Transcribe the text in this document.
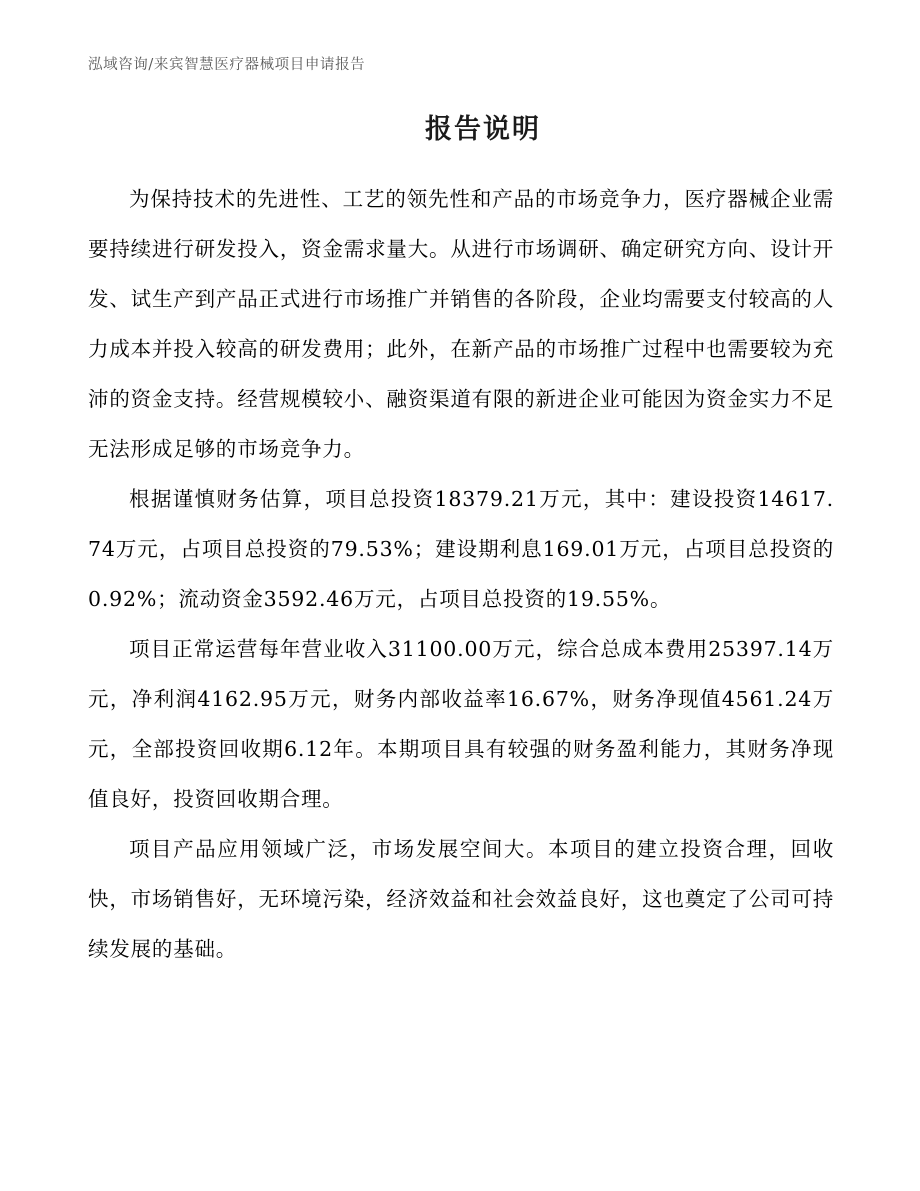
泓域咨询/来宾智慧医疗器械项目申请报告
报告说明

为保持技术的先进性、工艺的领先性和产品的市场竞争力，医疗器械企业需要持续进行研发投入，资金需求量大。从进行市场调研、确定研究方向、设计开发、试生产到产品正式进行市场推广并销售的各阶段，企业均需要支付较高的人力成本并投入较高的研发费用；此外，在新产品的市场推广过程中也需要较为充沛的资金支持。经营规模较小、融资渠道有限的新进企业可能因为资金实力不足无法形成足够的市场竞争力。

根据谨慎财务估算，项目总投资18379.21万元，其中：建设投资14617.74万元，占项目总投资的79.53%；建设期利息169.01万元，占项目总投资的0.92%；流动资金3592.46万元，占项目总投资的19.55%。

项目正常运营每年营业收入31100.00万元，综合总成本费用25397.14万元，净利润4162.95万元，财务内部收益率16.67%，财务净现值4561.24万元，全部投资回收期6.12年。本期项目具有较强的财务盈利能力，其财务净现值良好，投资回收期合理。

项目产品应用领域广泛，市场发展空间大。本项目的建立投资合理，回收快，市场销售好，无环境污染，经济效益和社会效益良好，这也奠定了公司可持续发展的基础。
